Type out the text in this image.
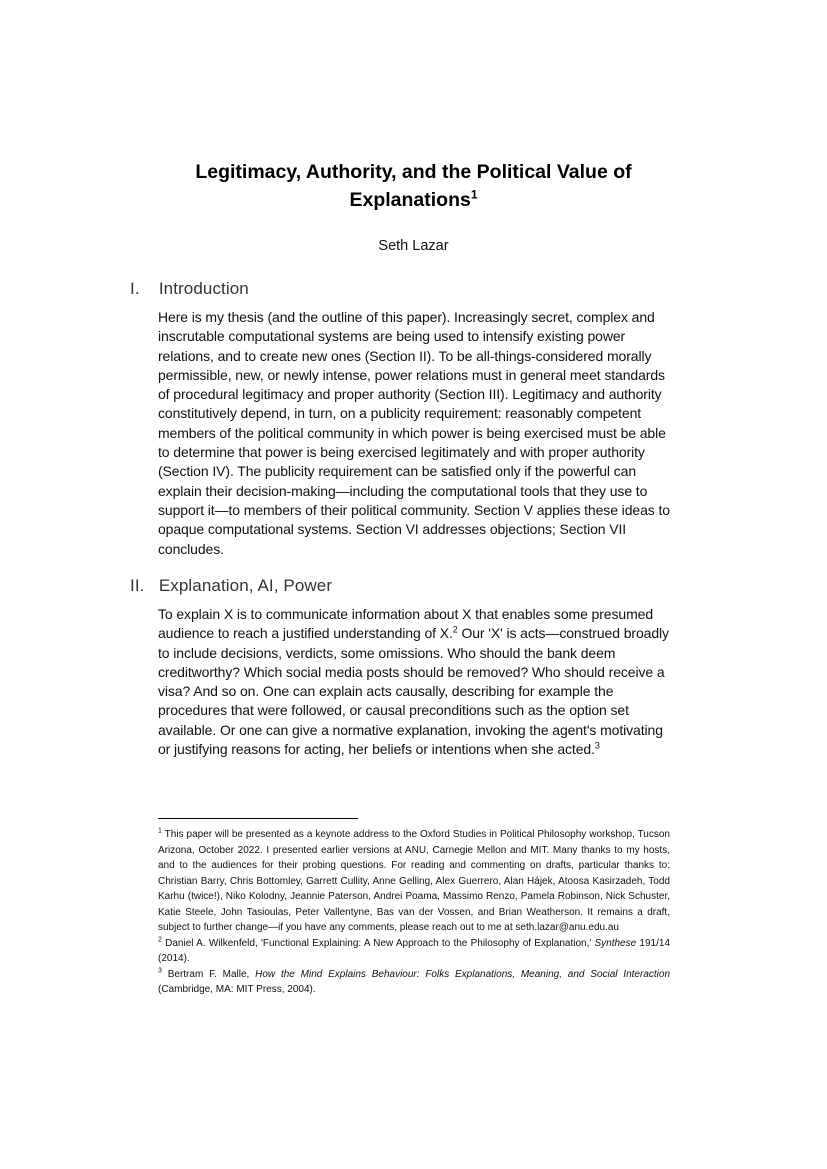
Legitimacy, Authority, and the Political Value of Explanations$^1$
Seth Lazar
I. Introduction
Here is my thesis (and the outline of this paper). Increasingly secret, complex and inscrutable computational systems are being used to intensify existing power relations, and to create new ones (Section II). To be all-things-considered morally permissible, new, or newly intense, power relations must in general meet standards of procedural legitimacy and proper authority (Section III). Legitimacy and authority constitutively depend, in turn, on a publicity requirement: reasonably competent members of the political community in which power is being exercised must be able to determine that power is being exercised legitimately and with proper authority (Section IV). The publicity requirement can be satisfied only if the powerful can explain their decision-making—including the computational tools that they use to support it—to members of their political community. Section V applies these ideas to opaque computational systems. Section VI addresses objections; Section VII concludes.
II. Explanation, AI, Power
To explain X is to communicate information about X that enables some presumed audience to reach a justified understanding of X.$^2$ Our 'X' is acts—construed broadly to include decisions, verdicts, some omissions. Who should the bank deem creditworthy? Which social media posts should be removed? Who should receive a visa? And so on. One can explain acts causally, describing for example the procedures that were followed, or causal preconditions such as the option set available. Or one can give a normative explanation, invoking the agent's motivating or justifying reasons for acting, her beliefs or intentions when she acted.$^3$

$^1$ This paper will be presented as a keynote address to the Oxford Studies in Political Philosophy workshop, Tucson Arizona, October 2022. I presented earlier versions at ANU, Carnegie Mellon and MIT. Many thanks to my hosts, and to the audiences for their probing questions. For reading and commenting on drafts, particular thanks to: Christian Barry, Chris Bottomley, Garrett Cullity, Anne Gelling, Alex Guerrero, Alan Hájek, Atoosa Kasirzadeh, Todd Karhu (twice!), Niko Kolodny, Jeannie Paterson, Andrei Poama, Massimo Renzo, Pamela Robinson, Nick Schuster, Katie Steele, John Tasioulas, Peter Vallentyne, Bas van der Vossen, and Brian Weatherson. It remains a draft, subject to further change—if you have any comments, please reach out to me at seth.lazar@anu.edu.au

$^2$ Daniel A. Wilkenfeld, 'Functional Explaining: A New Approach to the Philosophy of Explanation,' Synthese 191/14 (2014).

$^3$ Bertram F. Malle, How the Mind Explains Behaviour: Folks Explanations, Meaning, and Social Interaction (Cambridge, MA: MIT Press, 2004).
